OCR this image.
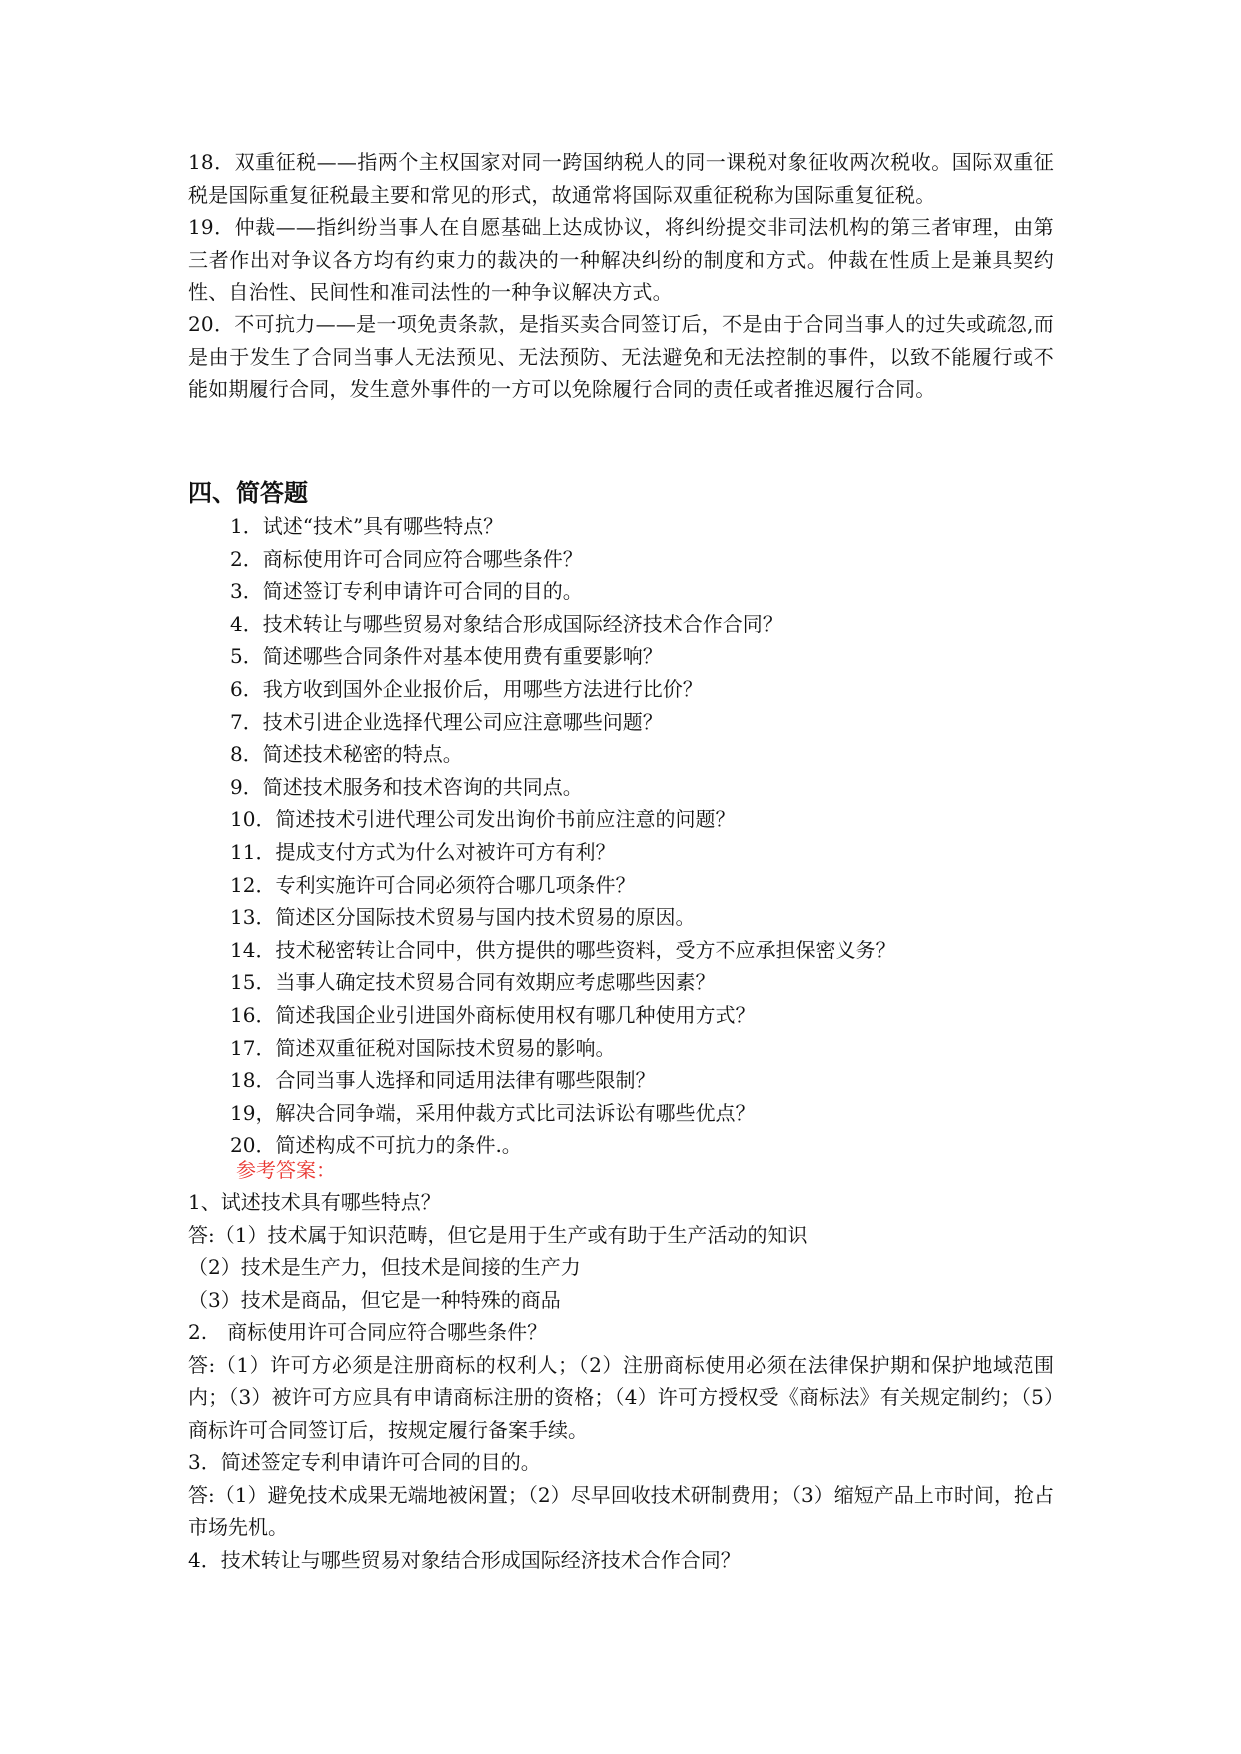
18．双重征税——指两个主权国家对同一跨国纳税人的同一课税对象征收两次税收。国际双重征税是国际重复征税最主要和常见的形式，故通常将国际双重征税称为国际重复征税。
19．仲裁——指纠纷当事人在自愿基础上达成协议，将纠纷提交非司法机构的第三者审理，由第三者作出对争议各方均有约束力的裁决的一种解决纠纷的制度和方式。仲裁在性质上是兼具契约性、自治性、民间性和准司法性的一种争议解决方式。
20．不可抗力——是一项免责条款，是指买卖合同签订后，不是由于合同当事人的过失或疏忽,而是由于发生了合同当事人无法预见、无法预防、无法避免和无法控制的事件，以致不能履行或不能如期履行合同，发生意外事件的一方可以免除履行合同的责任或者推迟履行合同。
四、简答题
1．试述“技术”具有哪些特点？
2．商标使用许可合同应符合哪些条件？
3．简述签订专利申请许可合同的目的。
4．技术转让与哪些贸易对象结合形成国际经济技术合作合同？
5．简述哪些合同条件对基本使用费有重要影响？
6．我方收到国外企业报价后，用哪些方法进行比价？
7．技术引进企业选择代理公司应注意哪些问题？
8．简述技术秘密的特点。
9．简述技术服务和技术咨询的共同点。
10．简述技术引进代理公司发出询价书前应注意的问题？
11．提成支付方式为什么对被许可方有利？
12．专利实施许可合同必须符合哪几项条件？
13．简述区分国际技术贸易与国内技术贸易的原因。
14．技术秘密转让合同中，供方提供的哪些资料，受方不应承担保密义务？
15．当事人确定技术贸易合同有效期应考虑哪些因素？
16．简述我国企业引进国外商标使用权有哪几种使用方式？
17．简述双重征税对国际技术贸易的影响。
18．合同当事人选择和同适用法律有哪些限制？
19，解决合同争端，采用仲裁方式比司法诉讼有哪些优点？
20．简述构成不可抗力的条件.。
参考答案：
1、试述技术具有哪些特点？
答:（1）技术属于知识范畴，但它是用于生产或有助于生产活动的知识
（2）技术是生产力，但技术是间接的生产力
（3）技术是商品，但它是一种特殊的商品
2.　商标使用许可合同应符合哪些条件？
答:（1）许可方必须是注册商标的权利人；（2）注册商标使用必须在法律保护期和保护地域范围内；（3）被许可方应具有申请商标注册的资格；（4）许可方授权受《商标法》有关规定制约；（5）商标许可合同签订后，按规定履行备案手续。
3．简述签定专利申请许可合同的目的。
答:（1）避免技术成果无端地被闲置；（2）尽早回收技术研制费用；（3）缩短产品上市时间，抢占市场先机。
4．技术转让与哪些贸易对象结合形成国际经济技术合作合同？
